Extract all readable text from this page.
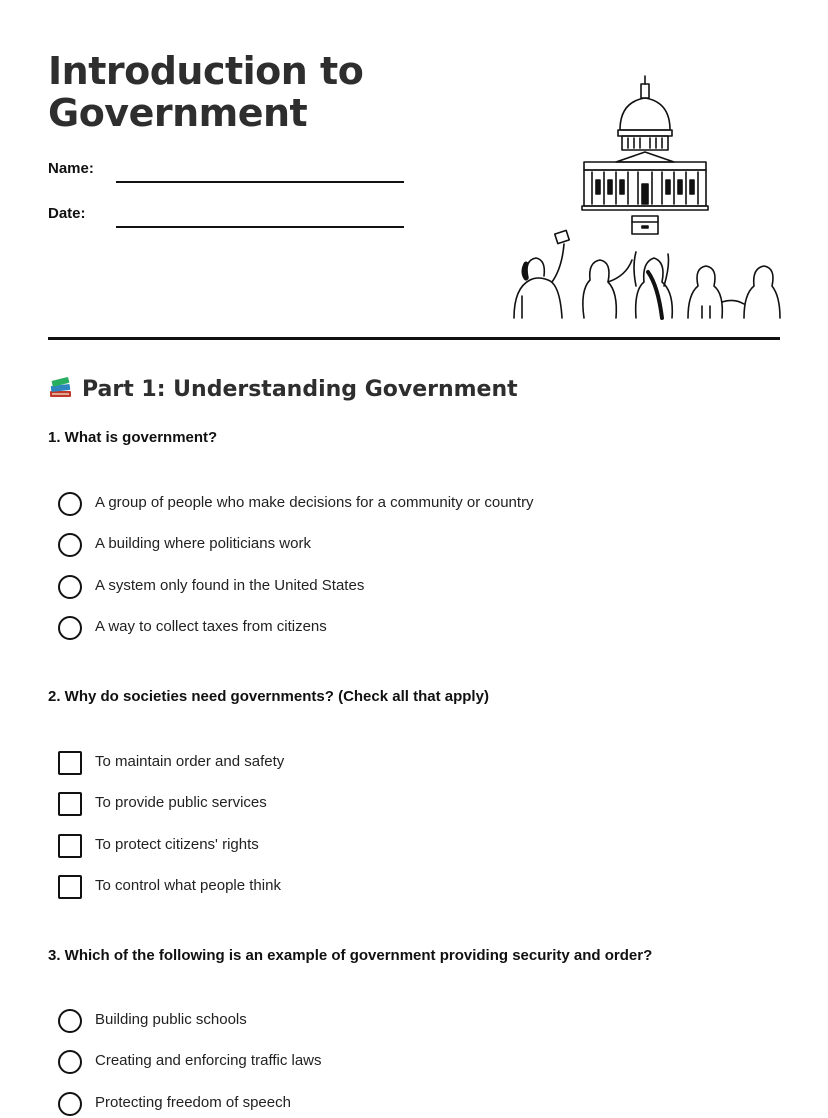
Introduction to
Government
Name:
Date:
Part 1: Understanding Government

1. What is government?

A group of people who make decisions for a community or country
A building where politicians work
A system only found in the United States
A way to collect taxes from citizens

2. Why do societies need governments? (Check all that apply)

To maintain order and safety
To provide public services
To protect citizens' rights
To control what people think

3. Which of the following is an example of government providing security and order?

Building public schools
Creating and enforcing traffic laws
Protecting freedom of speech
